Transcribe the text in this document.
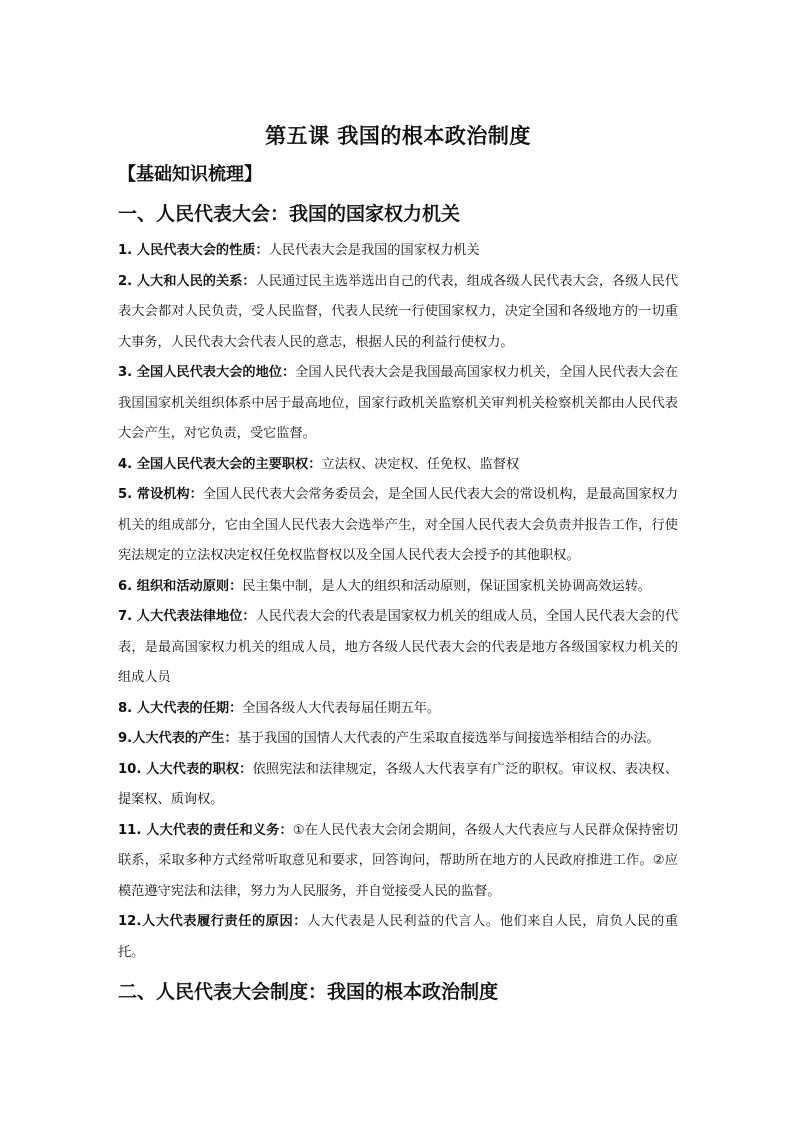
第五课 我国的根本政治制度
【基础知识梳理】
一、人民代表大会：我国的国家权力机关

1. 人民代表大会的性质：人民代表大会是我国的国家权力机关

2. 人大和人民的关系：人民通过民主选举选出自己的代表，组成各级人民代表大会，各级人民代表大会都对人民负责，受人民监督，代表人民统一行使国家权力，决定全国和各级地方的一切重大事务，人民代表大会代表人民的意志，根据人民的利益行使权力。

3. 全国人民代表大会的地位：全国人民代表大会是我国最高国家权力机关，全国人民代表大会在我国国家机关组织体系中居于最高地位，国家行政机关监察机关审判机关检察机关都由人民代表大会产生，对它负责，受它监督。

4. 全国人民代表大会的主要职权：立法权、决定权、任免权、监督权

5. 常设机构：全国人民代表大会常务委员会，是全国人民代表大会的常设机构，是最高国家权力机关的组成部分，它由全国人民代表大会选举产生，对全国人民代表大会负责并报告工作，行使宪法规定的立法权决定权任免权监督权以及全国人民代表大会授予的其他职权。

6. 组织和活动原则：民主集中制，是人大的组织和活动原则，保证国家机关协调高效运转。

7. 人大代表法律地位：人民代表大会的代表是国家权力机关的组成人员，全国人民代表大会的代表，是最高国家权力机关的组成人员，地方各级人民代表大会的代表是地方各级国家权力机关的组成人员

8. 人大代表的任期：全国各级人大代表每届任期五年。

9.人大代表的产生：基于我国的国情人大代表的产生采取直接选举与间接选举相结合的办法。

10. 人大代表的职权：依照宪法和法律规定，各级人大代表享有广泛的职权。审议权、表决权、提案权、质询权。

11. 人大代表的责任和义务：①在人民代表大会闭会期间，各级人大代表应与人民群众保持密切联系，采取多种方式经常听取意见和要求，回答询问，帮助所在地方的人民政府推进工作。②应模范遵守宪法和法律，努力为人民服务，并自觉接受人民的监督。

12.人大代表履行责任的原因：人大代表是人民利益的代言人。他们来自人民，肩负人民的重托。

二、人民代表大会制度：我国的根本政治制度
